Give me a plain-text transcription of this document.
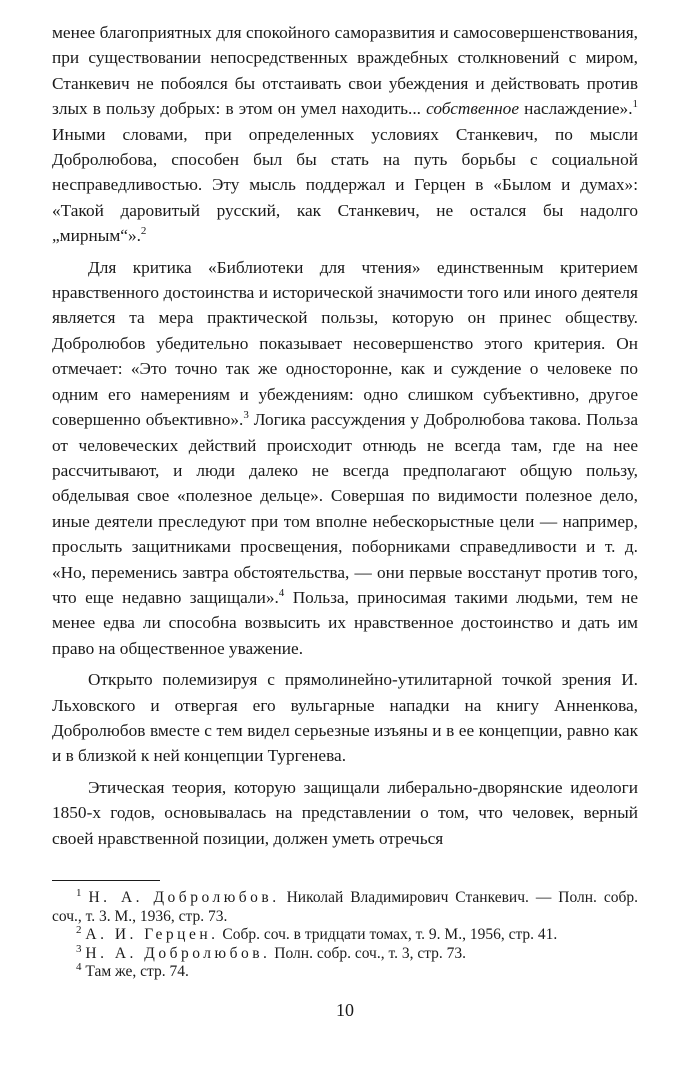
менее благоприятных для спокойного саморазвития и самосовершенствования, при существовании непосредственных враждебных столкновений с миром, Станкевич не побоялся бы отстаивать свои убеждения и действовать против злых в пользу добрых: в этом он умел находить... собственное наслаждение».$^1$ Иными словами, при определенных условиях Станкевич, по мысли Добролюбова, способен был бы стать на путь борьбы с социальной несправедливостью. Эту мысль поддержал и Герцен в «Былом и думах»: «Такой даровитый русский, как Станкевич, не остался бы надолго „мирным“».$^2$

Для критика «Библиотеки для чтения» единственным критерием нравственного достоинства и исторической значимости того или иного деятеля является та мера практической пользы, которую он принес обществу. Добролюбов убедительно показывает несовершенство этого критерия. Он отмечает: «Это точно так же односторонне, как и суждение о человеке по одним его намерениям и убеждениям: одно слишком субъективно, другое совершенно объективно».$^3$ Логика рассуждения у Добролюбова такова. Польза от человеческих действий происходит отнюдь не всегда там, где на нее рассчитывают, и люди далеко не всегда предполагают общую пользу, обделывая свое «полезное дельце». Совершая по видимости полезное дело, иные деятели преследуют при том вполне небескорыстные цели — например, прослыть защитниками просвещения, поборниками справедливости и т. д. «Но, переменись завтра обстоятельства, — они первые восстанут против того, что еще недавно защищали».$^4$ Польза, приносимая такими людьми, тем не менее едва ли способна возвысить их нравственное достоинство и дать им право на общественное уважение.

Открыто полемизируя с прямолинейно-утилитарной точкой зрения И. Льховского и отвергая его вульгарные нападки на книгу Анненкова, Добролюбов вместе с тем видел серьезные изъяны и в ее концепции, равно как и в близкой к ней концепции Тургенева.

Этическая теория, которую защищали либерально-дворянские идеологи 1850-х годов, основывалась на представлении о том, что человек, верный своей нравственной позиции, должен уметь отречься

$^1$ Н. А. Добролюбов. Николай Владимирович Станкевич. — Полн. собр. соч., т. 3. М., 1936, стр. 73.

$^2$ А. И. Герцен. Собр. соч. в тридцати томах, т. 9. М., 1956, стр. 41.

$^3$ Н. А. Добролюбов. Полн. собр. соч., т. 3, стр. 73.

$^4$ Там же, стр. 74.

10
